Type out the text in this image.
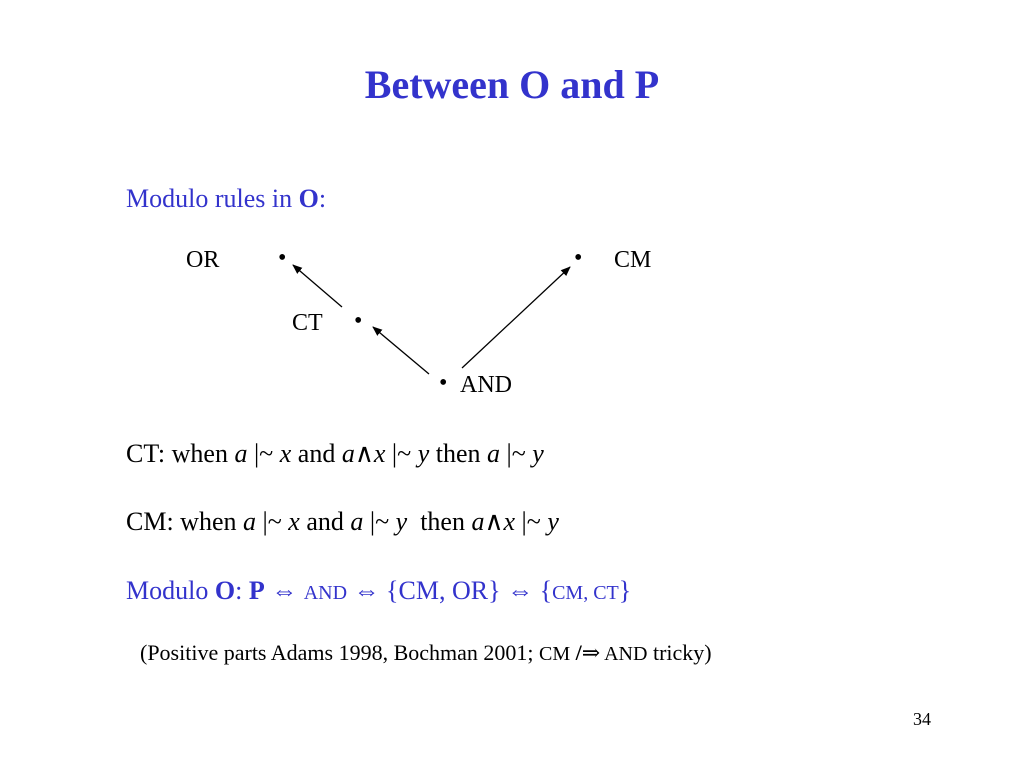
Between O and P
Modulo rules in O:
OR •	• CM
CT •
• AND
CT: when a |~ x and a∧x |~ y then a |~ y
CM: when a |~ x and a |~ y  then a∧x |~ y
Modulo O: P ⇔ AND ⇔ {CM, OR} ⇔ {CM, CT}
(Positive parts Adams 1998, Bochman 2001; CM /⇒ AND tricky)
34
